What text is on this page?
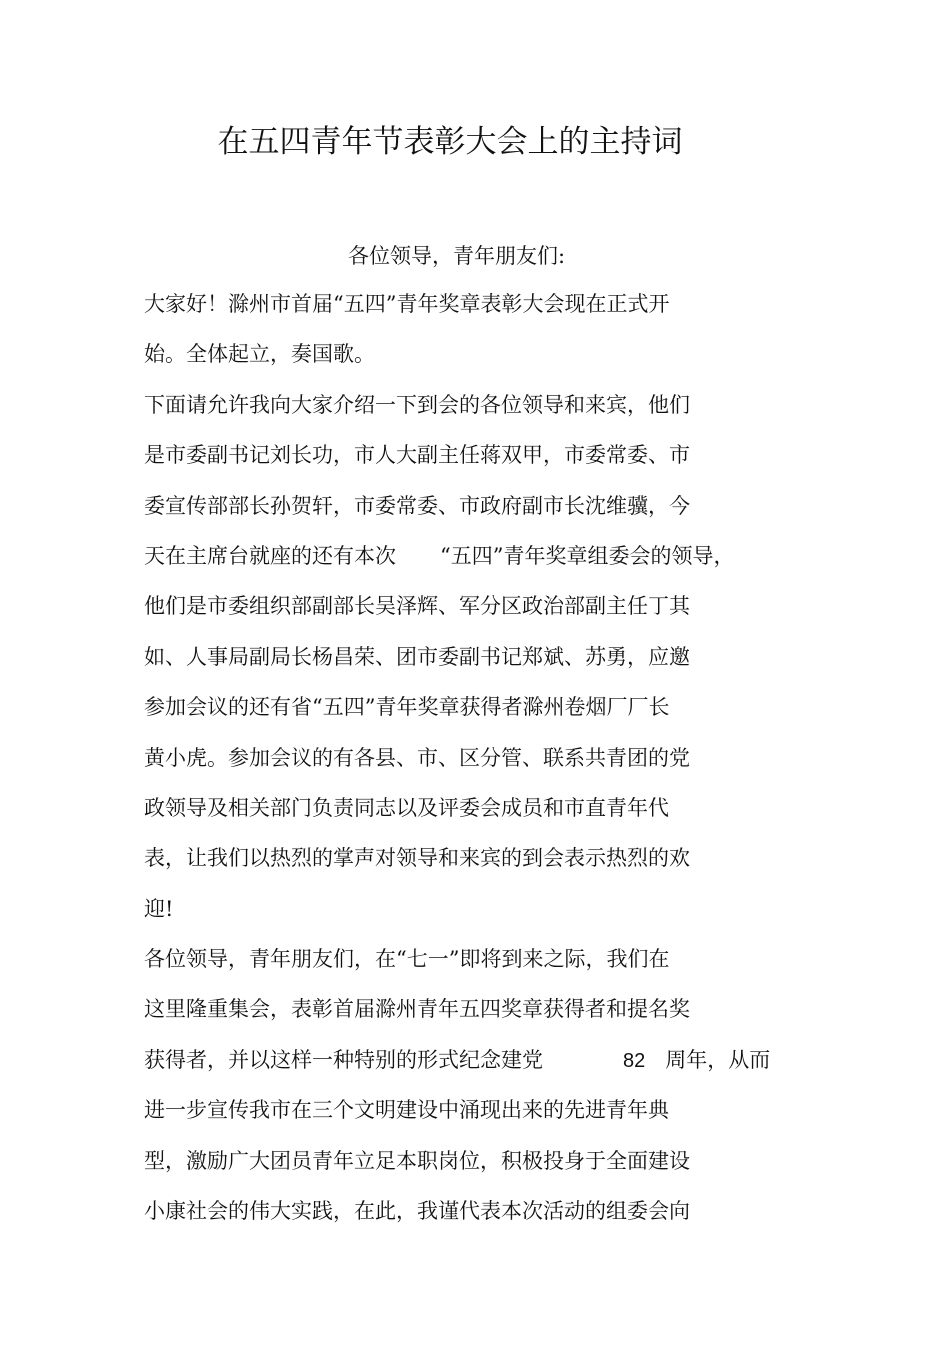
在五四青年节表彰大会上的主持词
各位领导，青年朋友们:
大家好！滁州市首届“五四”青年奖章表彰大会现在正式开
始。全体起立，奏国歌。
下面请允许我向大家介绍一下到会的各位领导和来宾，他们
是市委副书记刘长功，市人大副主任蒋双甲，市委常委、市
委宣传部部长孙贺轩，市委常委、市政府副市长沈维骥，今
天在主席台就座的还有本次 “五四”青年奖章组委会的领导，
他们是市委组织部副部长吴泽辉、军分区政治部副主任丁其
如、人事局副局长杨昌荣、团市委副书记郑斌、苏勇，应邀
参加会议的还有省“五四”青年奖章获得者滁州卷烟厂厂长
黄小虎。参加会议的有各县、市、区分管、联系共青团的党
政领导及相关部门负责同志以及评委会成员和市直青年代
表，让我们以热烈的掌声对领导和来宾的到会表示热烈的欢
迎!
各位领导，青年朋友们，在“七一”即将到来之际，我们在
这里隆重集会，表彰首届滁州青年五四奖章获得者和提名奖
获得者，并以这样一种特别的形式纪念建党	82 周年，从而
进一步宣传我市在三个文明建设中涌现出来的先进青年典
型，激励广大团员青年立足本职岗位，积极投身于全面建设
小康社会的伟大实践，在此，我谨代表本次活动的组委会向
